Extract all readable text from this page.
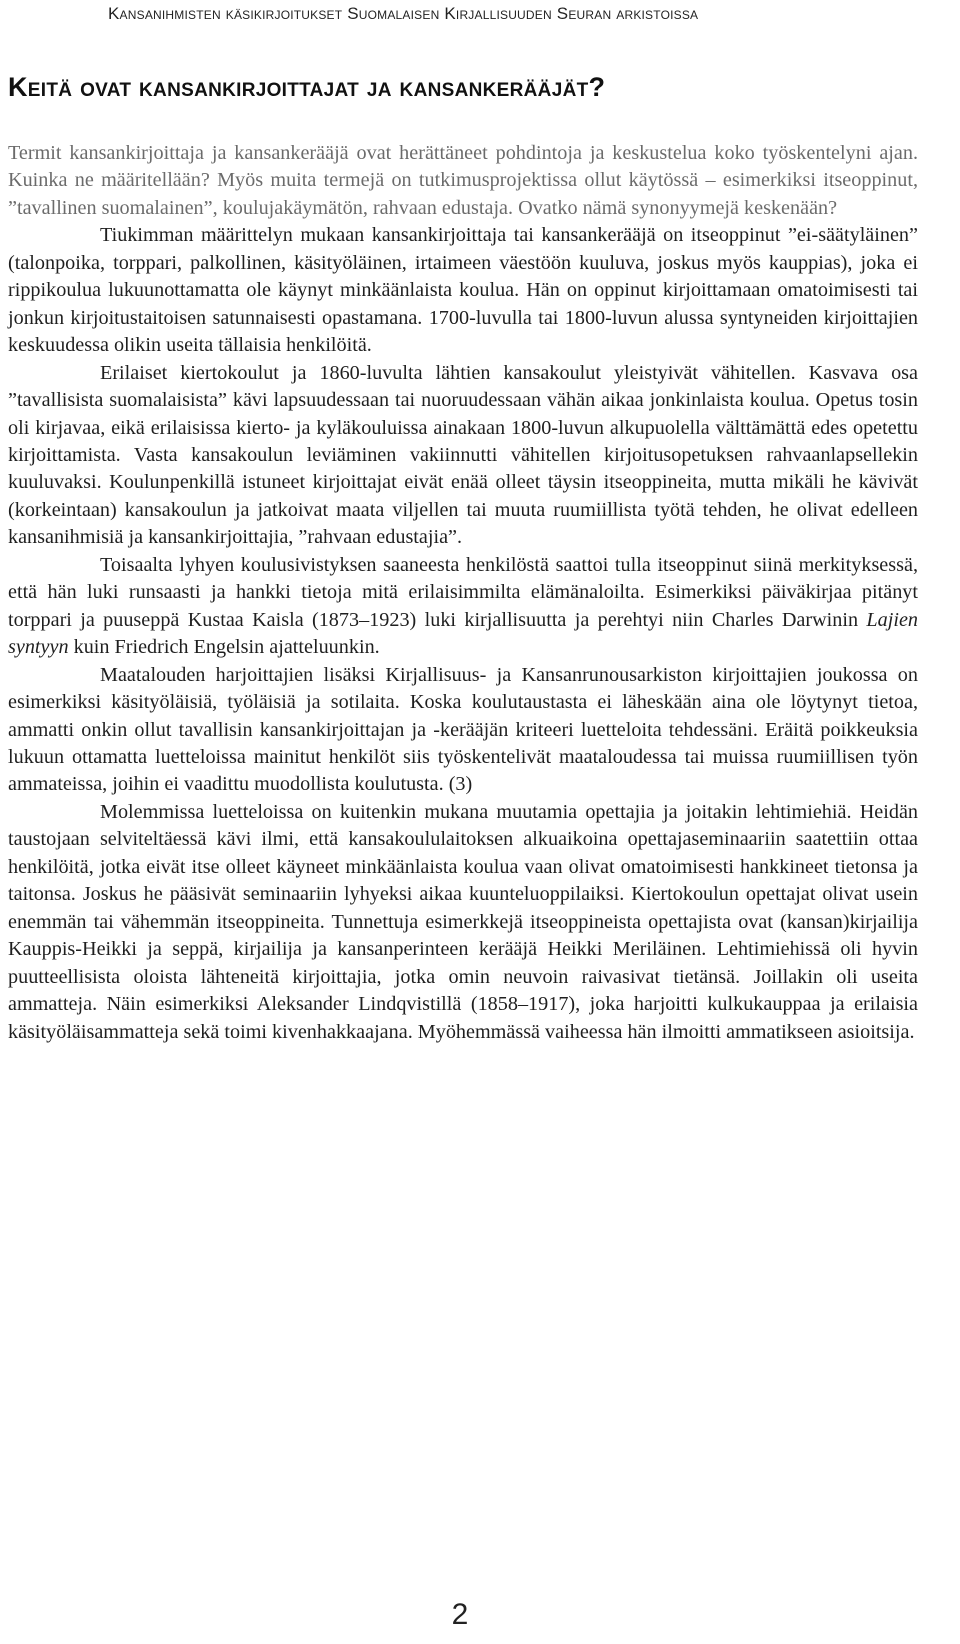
Kansanihmisten käsikirjoitukset Suomalaisen Kirjallisuuden Seuran arkistoissa
Keitä ovat kansankirjoittajat ja kansankerääjät?

Termit kansankirjoittaja ja kansankerääjä ovat herättäneet pohdintoja ja keskustelua koko työskentelyni ajan. Kuinka ne määritellään? Myös muita termejä on tutkimusprojektissa ollut käytössä – esimerkiksi itseoppinut, ”tavallinen suomalainen”, koulujakäymätön, rahvaan edustaja. Ovatko nämä synonyymejä keskenään?

Tiukimman määrittelyn mukaan kansankirjoittaja tai kansankerääjä on itseoppinut ”ei-säätyläinen” (talonpoika, torppari, palkollinen, käsityöläinen, irtaimeen väestöön kuuluva, joskus myös kauppias), joka ei rippikoulua lukuunottamatta ole käynyt minkäänlaista koulua. Hän on oppinut kirjoittamaan omatoimisesti tai jonkun kirjoitustaitoisen satunnaisesti opastamana. 1700-luvulla tai 1800-luvun alussa syntyneiden kirjoittajien keskuudessa olikin useita tällaisia henkilöitä.

Erilaiset kiertokoulut ja 1860-luvulta lähtien kansakoulut yleistyivät vähitellen. Kasvava osa ”tavallisista suomalaisista” kävi lapsuudessaan tai nuoruudessaan vähän aikaa jonkinlaista koulua. Opetus tosin oli kirjavaa, eikä erilaisissa kierto- ja kyläkouluissa ainakaan 1800-luvun alkupuolella välttämättä edes opetettu kirjoittamista. Vasta kansakoulun leviäminen vakiinnutti vähitellen kirjoitusopetuksen rahvaanlapsellekin kuuluvaksi. Koulunpenkillä istuneet kirjoittajat eivät enää olleet täysin itseoppineita, mutta mikäli he kävivät (korkeintaan) kansakoulun ja jatkoivat maata viljellen tai muuta ruumiillista työtä tehden, he olivat edelleen kansanihmisiä ja kansankirjoittajia, ”rahvaan edustajia”.

Toisaalta lyhyen koulusivistyksen saaneesta henkilöstä saattoi tulla itseoppinut siinä merkityksessä, että hän luki runsaasti ja hankki tietoja mitä erilaisimmilta elämänaloilta. Esimerkiksi päiväkirjaa pitänyt torppari ja puuseppä Kustaa Kaisla (1873–1923) luki kirjallisuutta ja perehtyi niin Charles Darwinin Lajien syntyyn kuin Friedrich Engelsin ajatteluunkin.

Maatalouden harjoittajien lisäksi Kirjallisuus- ja Kansanrunousarkiston kirjoittajien joukossa on esimerkiksi käsityöläisiä, työläisiä ja sotilaita. Koska koulutaustasta ei läheskään aina ole löytynyt tietoa, ammatti onkin ollut tavallisin kansankirjoittajan ja -kerääjän kriteeri luetteloita tehdessäni. Eräitä poikkeuksia lukuun ottamatta luetteloissa mainitut henkilöt siis työskentelivät maataloudessa tai muissa ruumiillisen työn ammateissa, joihin ei vaadittu muodollista koulutusta. (3)

Molemmissa luetteloissa on kuitenkin mukana muutamia opettajia ja joitakin lehtimiehiä. Heidän taustojaan selviteltäessä kävi ilmi, että kansakoululaitoksen alkuaikoina opettajaseminaariin saatettiin ottaa henkilöitä, jotka eivät itse olleet käyneet minkäänlaista koulua vaan olivat omatoimisesti hankkineet tietonsa ja taitonsa. Joskus he pääsivät seminaariin lyhyeksi aikaa kuunteluoppilaiksi. Kiertokoulun opettajat olivat usein enemmän tai vähemmän itseoppineita. Tunnettuja esimerkkejä itseoppineista opettajista ovat (kansan)kirjailija Kauppis-Heikki ja seppä, kirjailija ja kansanperinteen kerääjä Heikki Meriläinen. Lehtimiehissä oli hyvin puutteellisista oloista lähteneitä kirjoittajia, jotka omin neuvoin raivasivat tietänsä. Joillakin oli useita ammatteja. Näin esimerkiksi Aleksander Lindqvistillä (1858–1917), joka harjoitti kulkukauppaa ja erilaisia käsityöläisammatteja sekä toimi kivenhakkaajana. Myöhemmässä vaiheessa hän ilmoitti ammatikseen asioitsija.

2
